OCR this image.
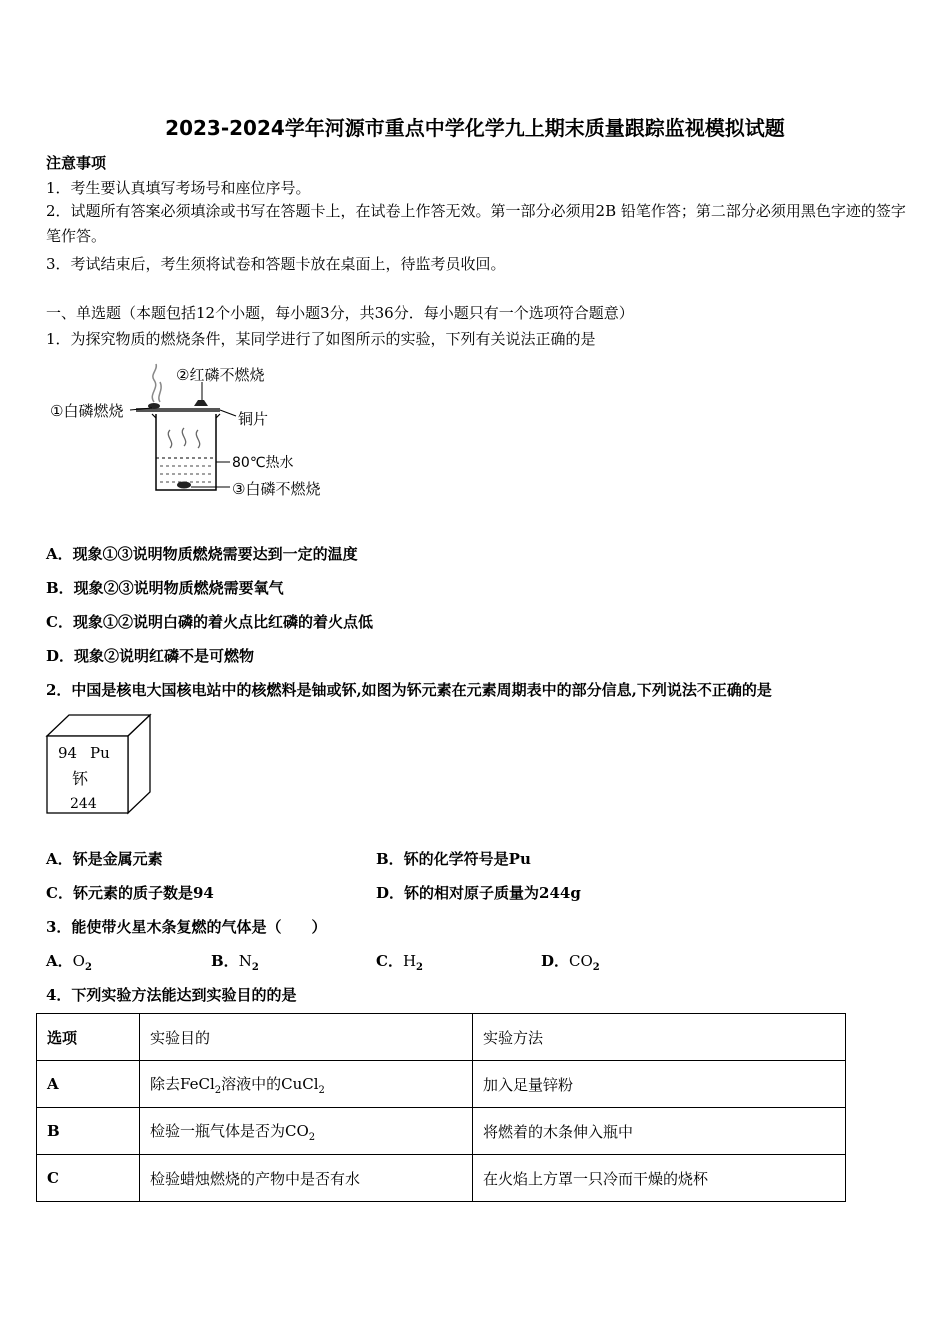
2023-2024学年河源市重点中学化学九上期末质量跟踪监视模拟试题
注意事项
1．考生要认真填写考场号和座位序号。
2．试题所有答案必须填涂或书写在答题卡上，在试卷上作答无效。第一部分必须用2B 铅笔作答；第二部分必须用黑色字迹的签字笔作答。
3．考试结束后，考生须将试卷和答题卡放在桌面上，待监考员收回。
一、单选题（本题包括12个小题，每小题3分，共36分．每小题只有一个选项符合题意）
1．为探究物质的燃烧条件，某同学进行了如图所示的实验，下列有关说法正确的是
②红磷不燃烧
①白磷燃烧	铜片
80℃热水
③白磷不燃烧
A．现象①③说明物质燃烧需要达到一定的温度
B．现象②③说明物质燃烧需要氧气
C．现象①②说明白磷的着火点比红磷的着火点低
D．现象②说明红磷不是可燃物
2．中国是核电大国核电站中的核燃料是铀或钚,如图为钚元素在元素周期表中的部分信息,下列说法不正确的是
94 Pu
钚
244
A．钚是金属元素	B．钚的化学符号是Pu
C．钚元素的质子数是94	D．钚的相对原子质量为244g
3．能使带火星木条复燃的气体是（　　）
A．$O_2$	B．$N_2$	C．$H_2$	D．$CO_2$
4．下列实验方法能达到实验目的的是
选项	实验目的	实验方法
A	除去FeCl$_2$溶液中的CuCl$_2$	加入足量锌粉
B	检验一瓶气体是否为$CO_2$	将燃着的木条伸入瓶中
C	检验蜡烛燃烧的产物中是否有水	在火焰上方罩一只冷而干燥的烧杯
